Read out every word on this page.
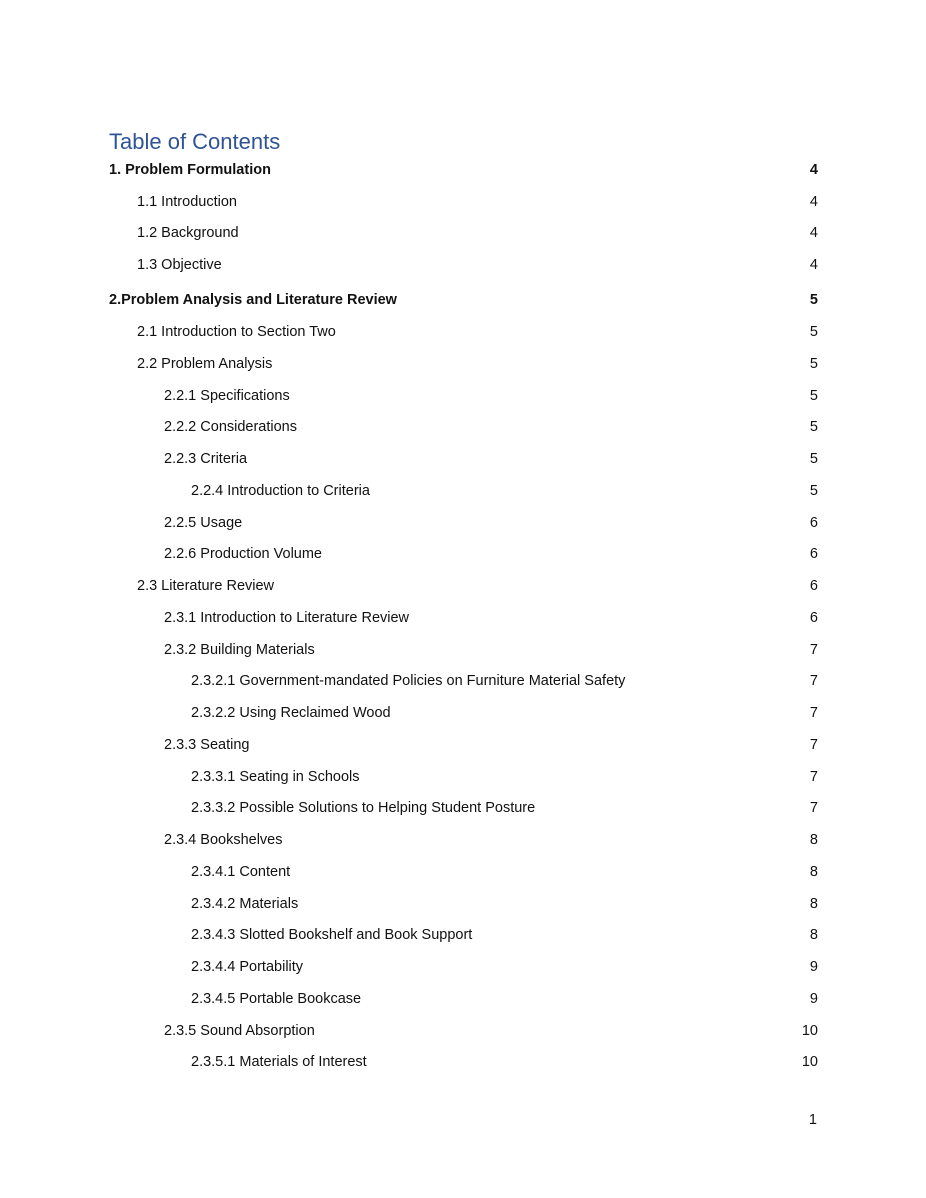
Table of Contents
1. Problem Formulation	4
1.1 Introduction	4
1.2 Background	4
1.3 Objective	4
2.Problem Analysis and Literature Review	5
2.1 Introduction to Section Two	5
2.2 Problem Analysis	5
2.2.1 Specifications	5
2.2.2 Considerations	5
2.2.3 Criteria	5
2.2.4 Introduction to Criteria	5
2.2.5 Usage	6
2.2.6 Production Volume	6
2.3 Literature Review	6
2.3.1 Introduction to Literature Review	6
2.3.2 Building Materials	7
2.3.2.1 Government-mandated Policies on Furniture Material Safety	7
2.3.2.2 Using Reclaimed Wood	7
2.3.3 Seating	7
2.3.3.1 Seating in Schools	7
2.3.3.2 Possible Solutions to Helping Student Posture	7
2.3.4 Bookshelves	8
2.3.4.1 Content	8
2.3.4.2 Materials	8
2.3.4.3 Slotted Bookshelf and Book Support	8
2.3.4.4 Portability	9
2.3.4.5 Portable Bookcase	9
2.3.5 Sound Absorption	10
2.3.5.1 Materials of Interest	10
1
